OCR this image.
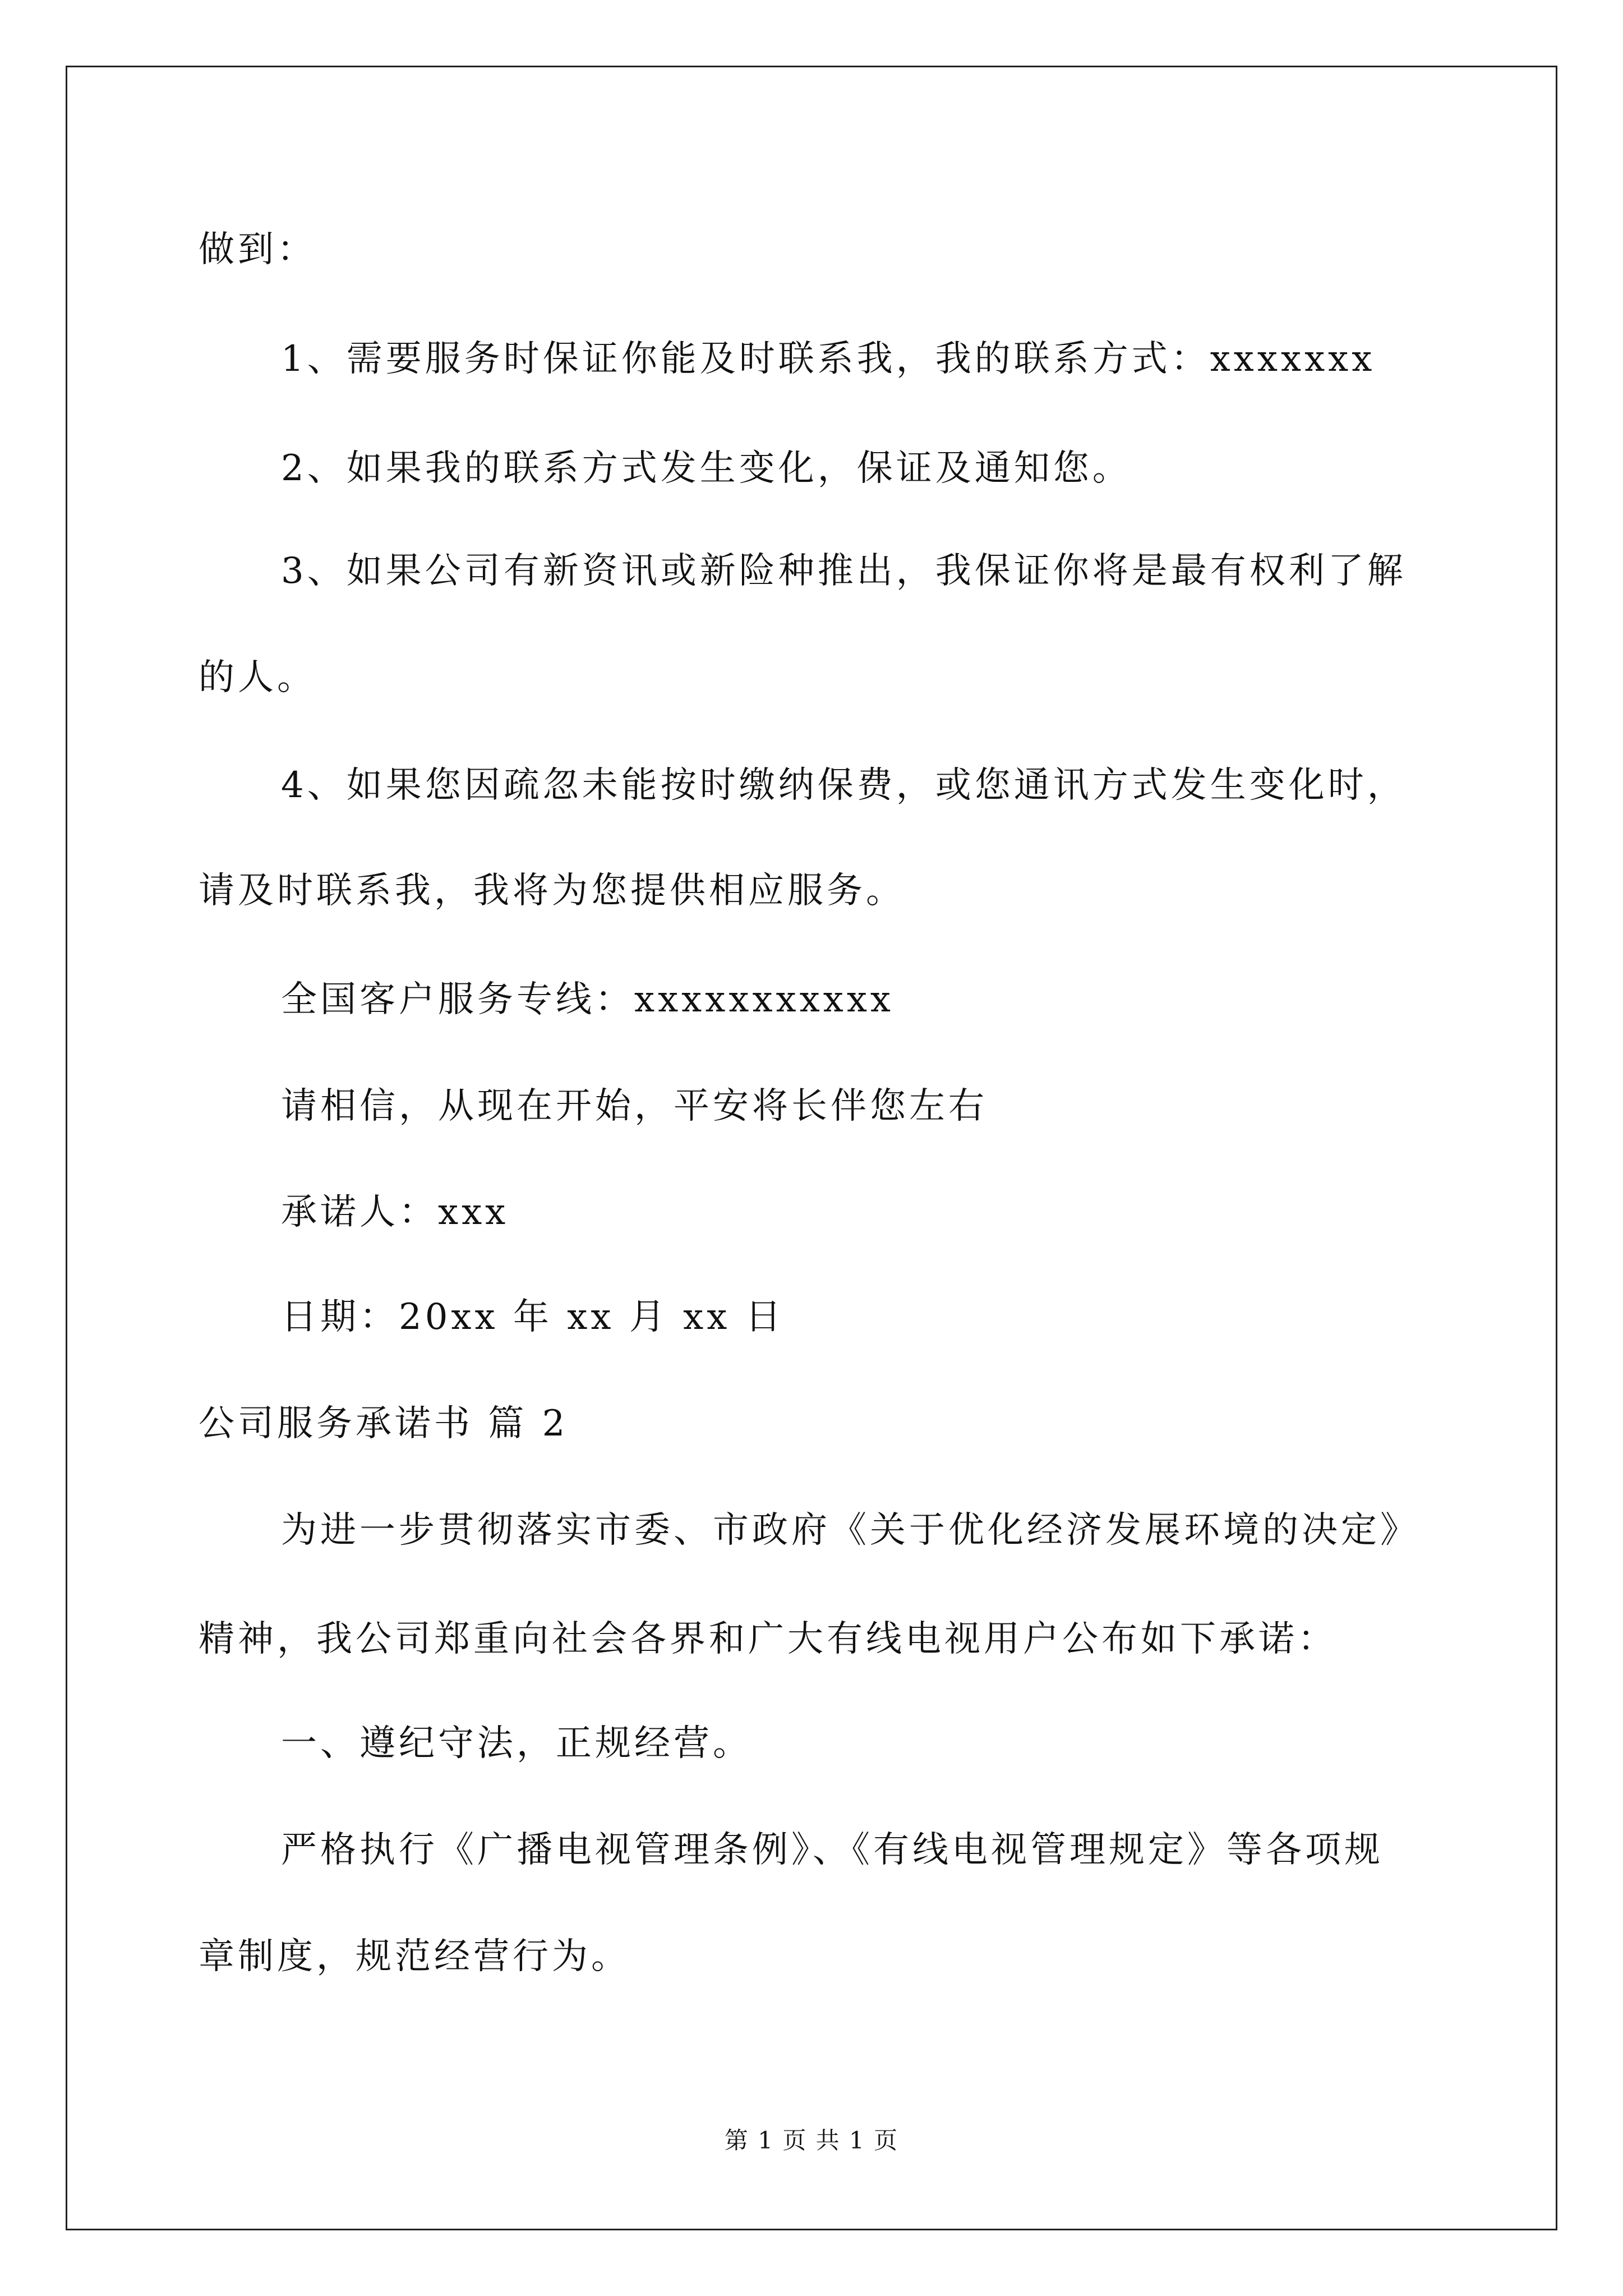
做到：
1、需要服务时保证你能及时联系我，我的联系方式：xxxxxxx
2、如果我的联系方式发生变化，保证及通知您。
3、如果公司有新资讯或新险种推出，我保证你将是最有权利了解
的人。
4、如果您因疏忽未能按时缴纳保费，或您通讯方式发生变化时，
请及时联系我，我将为您提供相应服务。
全国客户服务专线：xxxxxxxxxxx
请相信，从现在开始，平安将长伴您左右
承诺人：xxx
日期：20xx 年 xx 月 xx 日
公司服务承诺书 篇 2
为进一步贯彻落实市委、市政府《关于优化经济发展环境的决定》
精神，我公司郑重向社会各界和广大有线电视用户公布如下承诺：
一、遵纪守法，正规经营。
严格执行《广播电视管理条例》、《有线电视管理规定》等各项规
章制度，规范经营行为。
第 1 页 共 1 页
